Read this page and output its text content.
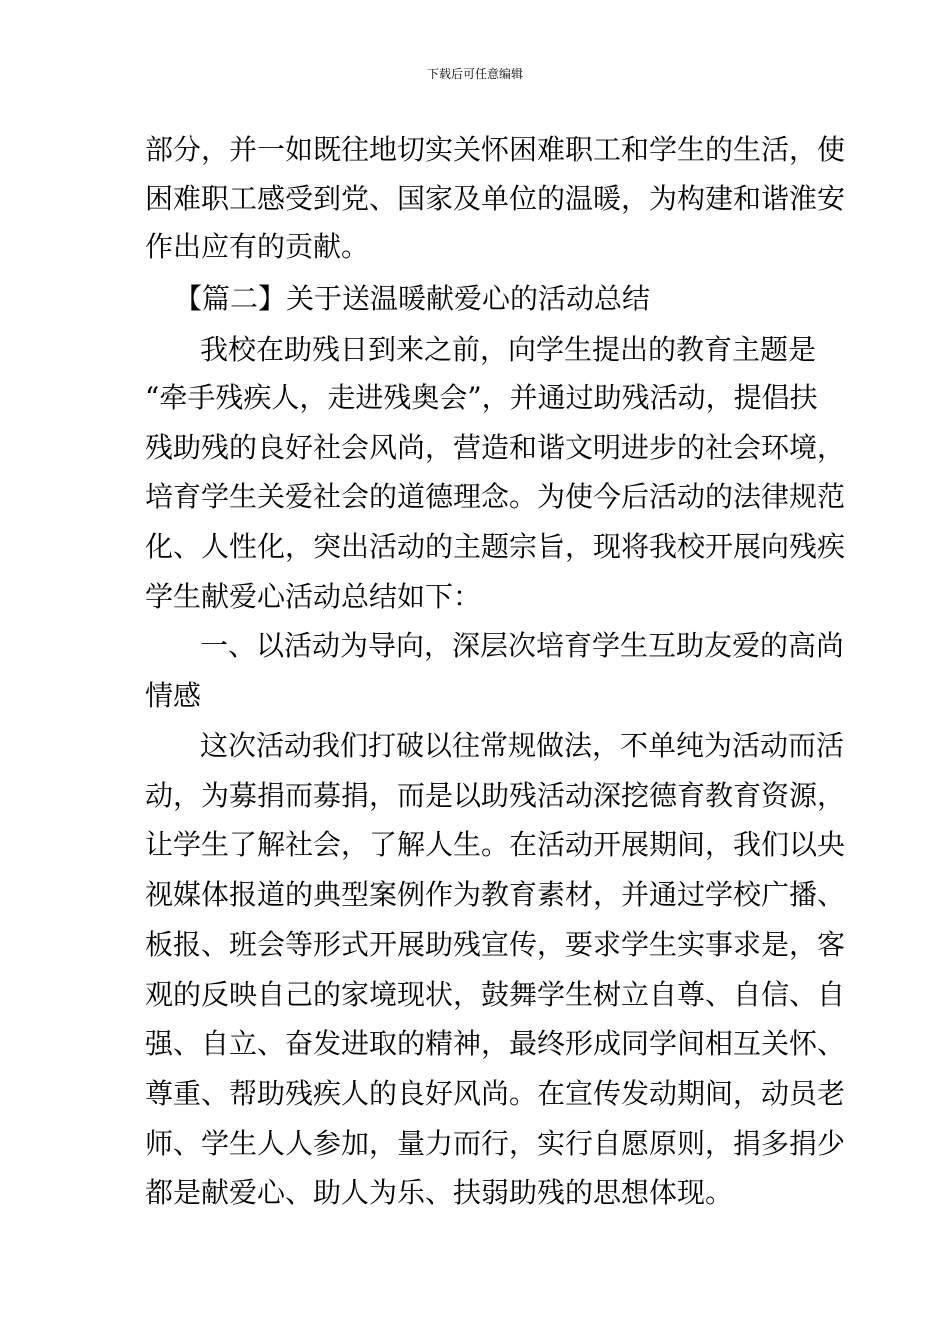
下载后可任意编辑
部分，并一如既往地切实关怀困难职工和学生的生活，使
困难职工感受到党、国家及单位的温暖，为构建和谐淮安
作出应有的贡献。
【篇二】关于送温暖献爱心的活动总结
我校在助残日到来之前，向学生提出的教育主题是
“牵手残疾人，走进残奥会”，并通过助残活动，提倡扶
残助残的良好社会风尚，营造和谐文明进步的社会环境，
培育学生关爱社会的道德理念。为使今后活动的法律规范
化、人性化，突出活动的主题宗旨，现将我校开展向残疾
学生献爱心活动总结如下：
一、以活动为导向，深层次培育学生互助友爱的高尚
情感
这次活动我们打破以往常规做法，不单纯为活动而活
动，为募捐而募捐，而是以助残活动深挖德育教育资源，
让学生了解社会，了解人生。在活动开展期间，我们以央
视媒体报道的典型案例作为教育素材，并通过学校广播、
板报、班会等形式开展助残宣传，要求学生实事求是，客
观的反映自己的家境现状，鼓舞学生树立自尊、自信、自
强、自立、奋发进取的精神，最终形成同学间相互关怀、
尊重、帮助残疾人的良好风尚。在宣传发动期间，动员老
师、学生人人参加，量力而行，实行自愿原则，捐多捐少
都是献爱心、助人为乐、扶弱助残的思想体现。
